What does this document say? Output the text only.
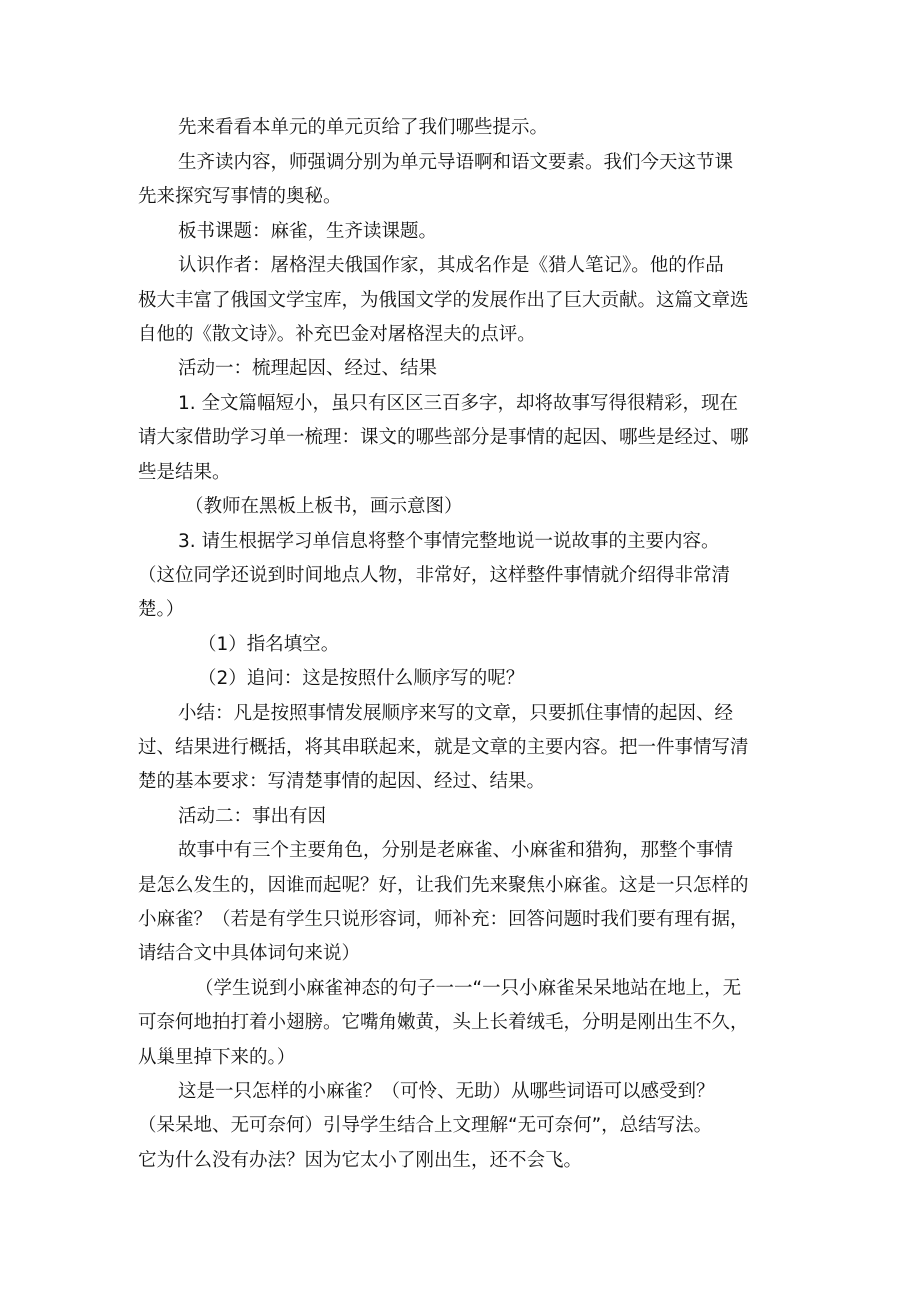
先来看看本单元的单元页给了我们哪些提示。
生齐读内容，师强调分别为单元导语啊和语文要素。我们今天这节课
先来探究写事情的奥秘。
板书课题：麻雀，生齐读课题。
认识作者：屠格涅夫俄国作家，其成名作是《猎人笔记》。他的作品
极大丰富了俄国文学宝库，为俄国文学的发展作出了巨大贡献。这篇文章选
自他的《散文诗》。补充巴金对屠格涅夫的点评。
活动一：梳理起因、经过、结果
1. 全文篇幅短小，虽只有区区三百多字，却将故事写得很精彩，现在
请大家借助学习单一梳理：课文的哪些部分是事情的起因、哪些是经过、哪
些是结果。
（教师在黑板上板书，画示意图）
3. 请生根据学习单信息将整个事情完整地说一说故事的主要内容。
（这位同学还说到时间地点人物，非常好，这样整件事情就介绍得非常清
楚。）
（1）指名填空。
（2）追问：这是按照什么顺序写的呢？
小结：凡是按照事情发展顺序来写的文章，只要抓住事情的起因、经
过、结果进行概括，将其串联起来，就是文章的主要内容。把一件事情写清
楚的基本要求：写清楚事情的起因、经过、结果。
活动二：事出有因
故事中有三个主要角色，分别是老麻雀、小麻雀和猎狗，那整个事情
是怎么发生的，因谁而起呢？好，让我们先来聚焦小麻雀。这是一只怎样的
小麻雀？（若是有学生只说形容词，师补充：回答问题时我们要有理有据，
请结合文中具体词句来说）
（学生说到小麻雀神态的句子一一“一只小麻雀呆呆地站在地上，无
可奈何地拍打着小翅膀。它嘴角嫩黄，头上长着绒毛，分明是刚出生不久，
从巢里掉下来的。）
这是一只怎样的小麻雀？（可怜、无助）从哪些词语可以感受到？
（呆呆地、无可奈何）引导学生结合上文理解“无可奈何”，总结写法。
它为什么没有办法？因为它太小了刚出生，还不会飞。
